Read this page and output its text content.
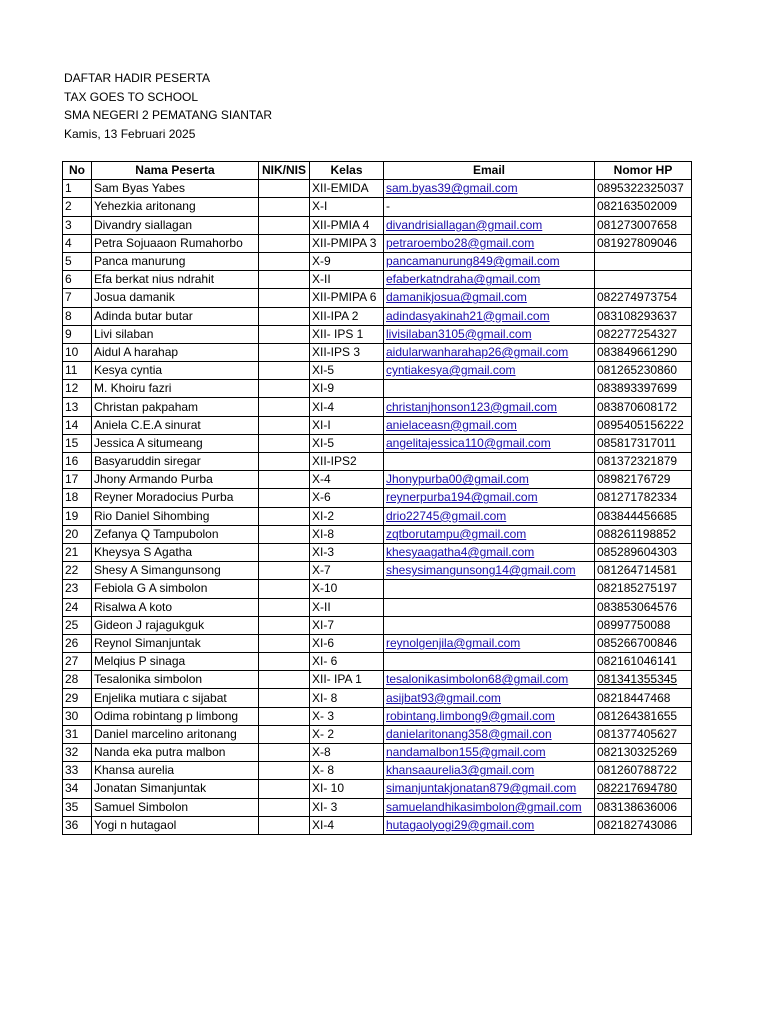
DAFTAR HADIR PESERTA
TAX GOES TO SCHOOL
SMA NEGERI 2 PEMATANG SIANTAR
Kamis, 13 Februari 2025
No	Nama Peserta	NIK/NIS	Kelas	Email	Nomor HP
1	Sam Byas Yabes		XII-EMIDA	sam.byas39@gmail.com	0895322325037
2	Yehezkia aritonang		X-I	-	082163502009
3	Divandry siallagan		XII-PMIA 4	divandrisiallagan@gmail.com	081273007658
4	Petra Sojuaaon Rumahorbo		XII-PMIPA 3	petraroembo28@gmail.com	081927809046
5	Panca manurung		X-9	pancamanurung849@gmail.com	
6	Efa berkat nius ndrahit		X-II	efaberkatndraha@gmail.com	
7	Josua damanik		XII-PMIPA 6	damanikjosua@gmail.com	082274973754
8	Adinda butar butar		XII-IPA 2	adindasyakinah21@gmail.com	083108293637
9	Livi silaban		XII- IPS 1	livisilaban3105@gmail.com	082277254327
10	Aidul A harahap		XII-IPS 3	aidularwanharahap26@gmail.com	083849661290
11	Kesya cyntia		XI-5	cyntiakesya@gmail.com	081265230860
12	M. Khoiru fazri		XI-9		083893397699
13	Christan pakpaham		XI-4	christanjhonson123@gmail.com	083870608172
14	Aniela C.E.A sinurat		XI-I	anielaceasn@gmail.com	0895405156222
15	Jessica A situmeang		XI-5	angelitajessica110@gmail.com	085817317011
16	Basyaruddin siregar		XII-IPS2		081372321879
17	Jhony Armando Purba		X-4	Jhonypurba00@gmail.com	08982176729
18	Reyner Moradocius Purba		X-6	reynerpurba194@gmail.com	081271782334
19	Rio Daniel Sihombing		XI-2	drio22745@gmail.com	083844456685
20	Zefanya Q Tampubolon		XI-8	zqtborutampu@gmail.com	088261198852
21	Kheysya S Agatha		XI-3	khesyaagatha4@gmail.com	085289604303
22	Shesy A Simangunsong		X-7	shesysimangunsong14@gmail.com	081264714581
23	Febiola G A simbolon		X-10		082185275197
24	Risalwa A koto		X-II		083853064576
25	Gideon J rajagukguk		XI-7		08997750088
26	Reynol Simanjuntak		XI-6	reynolgenjila@gmail.com	085266700846
27	Melqius P sinaga		XI- 6		082161046141
28	Tesalonika simbolon		XII- IPA 1	tesalonikasimbolon68@gmail.com	081341355345
29	Enjelika mutiara c sijabat		XI- 8	asijbat93@gmail.com	08218447468
30	Odima robintang p limbong		X- 3	robintang.limbong9@gmail.com	081264381655
31	Daniel marcelino aritonang		X- 2	danielaritonang358@gmail.con	081377405627
32	Nanda eka putra malbon		X-8	nandamalbon155@gmail.com	082130325269
33	Khansa aurelia		X- 8	khansaaurelia3@gmail.com	081260788722
34	Jonatan Simanjuntak		XI- 10	simanjuntakjonatan879@gmail.com	082217694780
35	Samuel Simbolon		XI- 3	samuelandhikasimbolon@gmail.com	083138636006
36	Yogi n hutagaol		XI-4	hutagaolyogi29@gmail.com	082182743086
